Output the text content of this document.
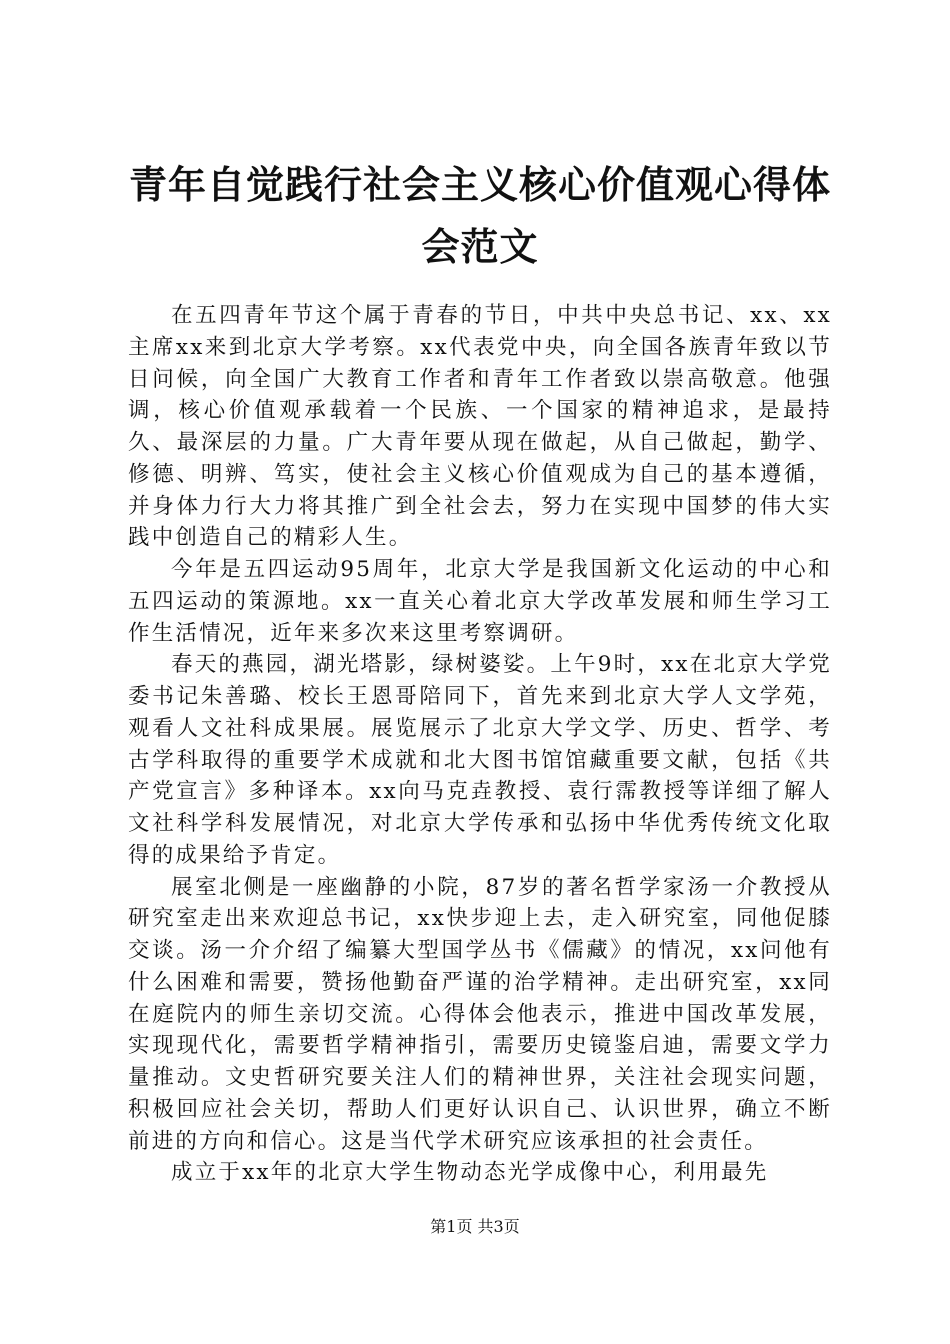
青年自觉践行社会主义核心价值观心得体会范文

在五四青年节这个属于青春的节日，中共中央总书记、xx、xx主席xx来到北京大学考察。xx代表党中央，向全国各族青年致以节日问候，向全国广大教育工作者和青年工作者致以崇高敬意。他强调，核心价值观承载着一个民族、一个国家的精神追求，是最持久、最深层的力量。广大青年要从现在做起，从自己做起，勤学、修德、明辨、笃实，使社会主义核心价值观成为自己的基本遵循，并身体力行大力将其推广到全社会去，努力在实现中国梦的伟大实践中创造自己的精彩人生。

今年是五四运动95周年，北京大学是我国新文化运动的中心和五四运动的策源地。xx一直关心着北京大学改革发展和师生学习工作生活情况，近年来多次来这里考察调研。

春天的燕园，湖光塔影，绿树婆娑。上午9时，xx在北京大学党委书记朱善璐、校长王恩哥陪同下，首先来到北京大学人文学苑，观看人文社科成果展。展览展示了北京大学文学、历史、哲学、考古学科取得的重要学术成就和北大图书馆馆藏重要文献，包括《共产党宣言》多种译本。xx向马克垚教授、袁行霈教授等详细了解人文社科学科发展情况，对北京大学传承和弘扬中华优秀传统文化取得的成果给予肯定。

展室北侧是一座幽静的小院，87岁的著名哲学家汤一介教授从研究室走出来欢迎总书记，xx快步迎上去，走入研究室，同他促膝交谈。汤一介介绍了编纂大型国学丛书《儒藏》的情况，xx问他有什么困难和需要，赞扬他勤奋严谨的治学精神。走出研究室，xx同在庭院内的师生亲切交流。心得体会他表示，推进中国改革发展，实现现代化，需要哲学精神指引，需要历史镜鉴启迪，需要文学力量推动。文史哲研究要关注人们的精神世界，关注社会现实问题，积极回应社会关切，帮助人们更好认识自己、认识世界，确立不断前进的方向和信心。这是当代学术研究应该承担的社会责任。

成立于xx年的北京大学生物动态光学成像中心，利用最先

第1页 共3页
